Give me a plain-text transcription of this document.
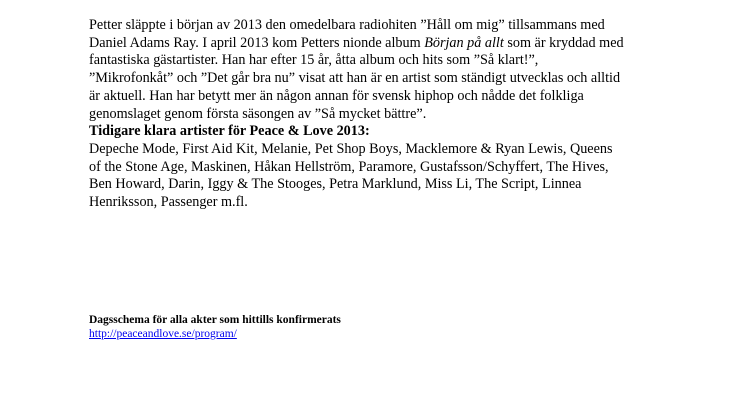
Petter släppte i början av 2013 den omedelbara radiohiten ”Håll om mig” tillsammans med

Daniel Adams Ray. I april 2013 kom Petters nionde album Början på allt som är kryddad med

fantastiska gästartister. Han har efter 15 år, åtta album och hits som ”Så klart!”,

”Mikrofonkåt” och ”Det går bra nu” visat att han är en artist som ständigt utvecklas och alltid

är aktuell. Han har betytt mer än någon annan för svensk hiphop och nådde det folkliga

genomslaget genom första säsongen av ”Så mycket bättre”.

Tidigare klara artister för Peace & Love 2013:

Depeche Mode, First Aid Kit, Melanie, Pet Shop Boys, Macklemore & Ryan Lewis, Queens

of the Stone Age, Maskinen, Håkan Hellström, Paramore, Gustafsson/Schyffert, The Hives,

Ben Howard, Darin, Iggy & The Stooges, Petra Marklund, Miss Li, The Script, Linnea

Henriksson, Passenger m.fl.

Dagsschema för alla akter som hittills konfirmerats
http://peaceandlove.se/program/
